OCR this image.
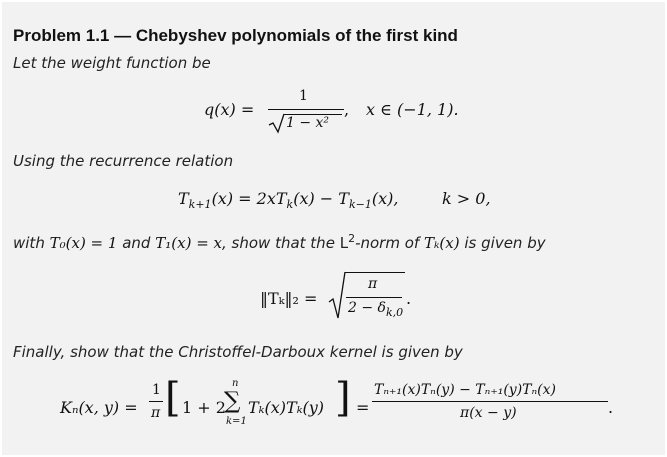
Problem 1.1 — Chebyshev polynomials of the first kind
Let the weight function be
q(x) =
1
1 − x²
, x ∈ (−1, 1).
Using the recurrence relation
$T_{k+1}(x) = 2xT_k(x) - T_{k-1}(x)$,	k > 0,
with T₀(x) = 1 and T₁(x) = x, show that the $L^2$-norm of Tₖ(x) is given by
‖Tₖ‖₂ =
π
$2 - \delta_{k,0}$
.
Finally, show that the Christoffel-Darboux kernel is given by
Kₙ(x, y) =
1
π [ 1 + 2
n
∑
k=1
Tₖ(x)Tₖ(y) ] =
Tₙ₊₁(x)Tₙ(y) − Tₙ₊₁(y)Tₙ(x)
π(x − y)	.
